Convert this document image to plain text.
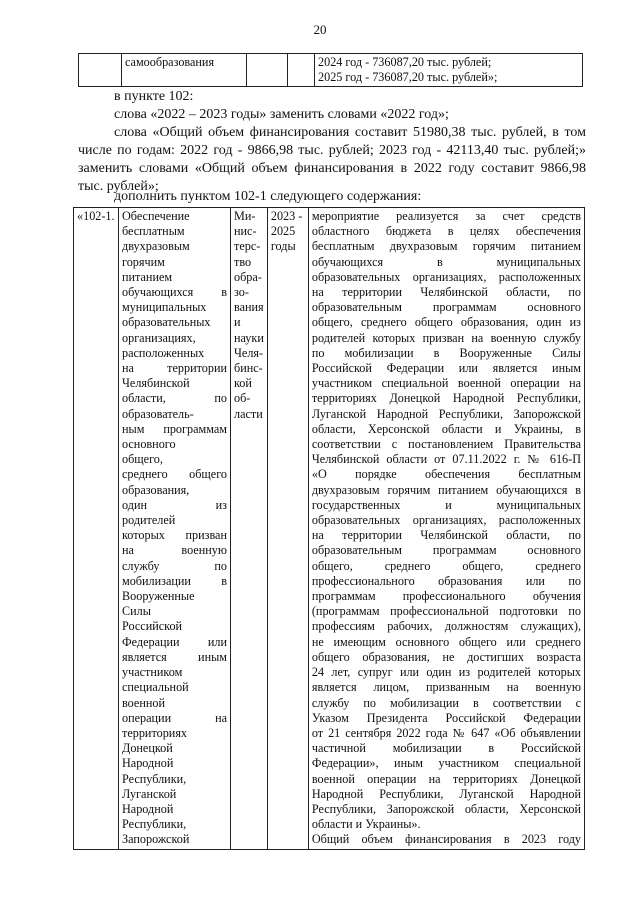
20
	самообразования			2024 год - 736087,20 тыс. рублей;
2025 год - 736087,20 тыс. рублей»;
в пункте 102:
слова «2022 – 2023 годы» заменить словами «2022 год»;
слова «Общий объем финансирования составит 51980,38 тыс. рублей, в том числе по годам: 2022 год - 9866,98 тыс. рублей; 2023 год - 42113,40 тыс. рублей;» заменить словами «Общий объем финансирования в 2022 году составит 9866,98 тыс. рублей»;
дополнить пунктом 102-1 следующего содержания:
«102-1.	Обеспечение
бесплатным
двухразовым
горячим
питанием
обучающихся в
муниципальных
образовательных
организациях,
расположенных
на территории
Челябинской
области, по
образователь-
ным программам
основного
общего,
среднего общего
образования,
один из
родителей
которых призван
на военную
службу по
мобилизации в
Вооруженные
Силы
Российской
Федерации или
является иным
участником
специальной
военной
операции на
территориях
Донецкой
Народной
Республики,
Луганской
Народной
Республики,
Запорожской

Ми-
нис-
терс-
тво
обра-
зо-
вания
и
науки
Челя-
бинс-
кой
об-
ласти

2023 -
2025
годы

мероприятие реализуется за счет средств
областного бюджета в целях обеспечения
бесплатным двухразовым горячим питанием
обучающихся в муниципальных
образовательных организациях, расположенных
на территории Челябинской области, по
образовательным программам основного
общего, среднего общего образования, один из
родителей которых призван на военную службу
по мобилизации в Вооруженные Силы
Российской Федерации или является иным
участником специальной военной операции на
территориях Донецкой Народной Республики,
Луганской Народной Республики, Запорожской
области, Херсонской области и Украины, в
соответствии с постановлением Правительства
Челябинской области от 07.11.2022 г. № 616-П
«О порядке обеспечения бесплатным
двухразовым горячим питанием обучающихся в
государственных и муниципальных
образовательных организациях, расположенных
на территории Челябинской области, по
образовательным программам основного
общего, среднего общего, среднего
профессионального образования или по
программам профессионального обучения
(программам профессиональной подготовки по
профессиям рабочих, должностям служащих),
не имеющим основного общего или среднего
общего образования, не достигших возраста
24 лет, супруг или один из родителей которых
является лицом, призванным на военную
службу по мобилизации в соответствии с
Указом Президента Российской Федерации
от 21 сентября 2022 года № 647 «Об объявлении
частичной мобилизации в Российской
Федерации», иным участником специальной
военной операции на территориях Донецкой
Народной Республики, Луганской Народной
Республики, Запорожской области, Херсонской
области и Украины».
Общий объем финансирования в 2023 году
